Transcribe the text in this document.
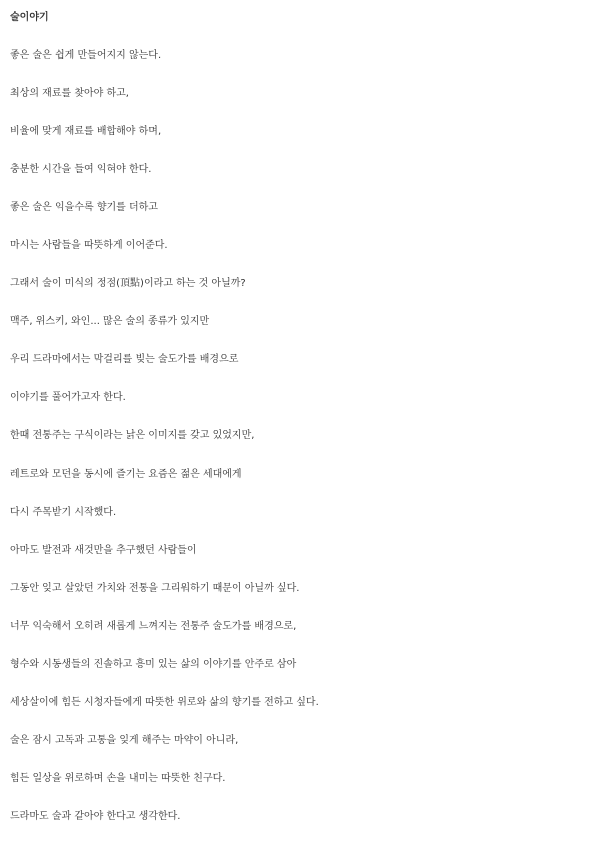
술이야기
좋은 술은 쉽게 만들어지지 않는다.
최상의 재료를 찾아야 하고,
비율에 맞게 재료를 배합해야 하며,
충분한 시간을 들여 익혀야 한다.
좋은 술은 익을수록 향기를 더하고
마시는 사람들을 따뜻하게 이어준다.
그래서 술이 미식의 정점(頂點)이라고 하는 것 아닐까?
맥주, 위스키, 와인... 많은 술의 종류가 있지만
우리 드라마에서는 막걸리를 빚는 술도가를 배경으로
이야기를 풀어가고자 한다.
한때 전통주는 구식이라는 낡은 이미지를 갖고 있었지만,
레트로와 모던을 동시에 즐기는 요즘은 젊은 세대에게
다시 주목받기 시작했다.
아마도 발전과 새것만을 추구했던 사람들이
그동안 잊고 살았던 가치와 전통을 그리워하기 때문이 아닐까 싶다.
너무 익숙해서 오히려 새롭게 느껴지는 전통주 술도가를 배경으로,
형수와 시동생들의 진솔하고 흥미 있는 삶의 이야기를 안주로 삼아
세상살이에 힘든 시청자들에게 따뜻한 위로와 삶의 향기를 전하고 싶다.
술은 잠시 고독과 고통을 잊게 해주는 마약이 아니라,
힘든 일상을 위로하며 손을 내미는 따뜻한 친구다.
드라마도 술과 같아야 한다고 생각한다.
